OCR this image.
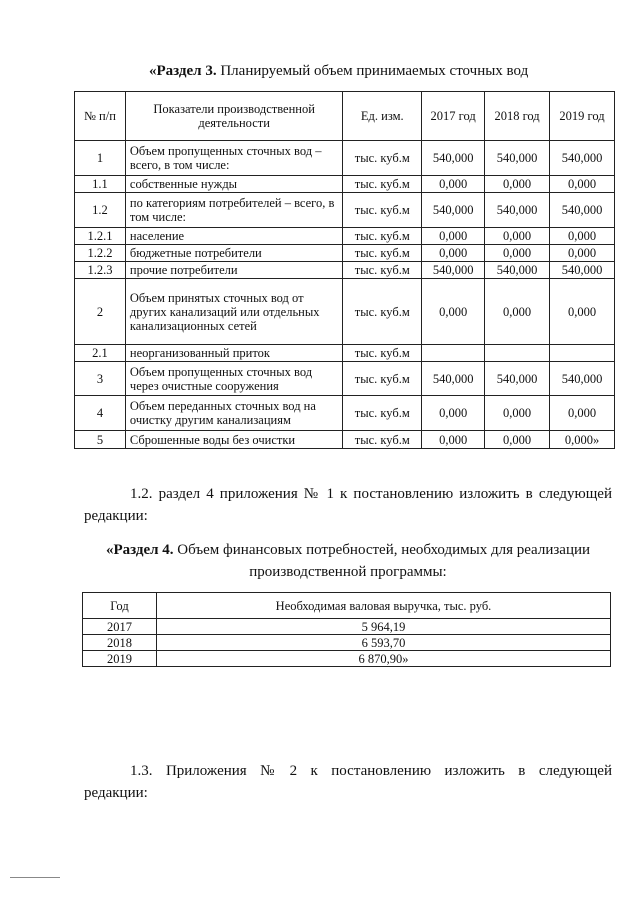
«Раздел 3. Планируемый объем принимаемых сточных вод
№ п/п	Показатели производственной деятельности	Ед. изм.	2017 год	2018 год	2019 год
1	Объем пропущенных сточных вод – всего, в том числе:	тыс. куб.м	540,000	540,000	540,000
1.1	собственные нужды	тыс. куб.м	0,000	0,000	0,000
1.2	по категориям потребителей – всего, в том числе:	тыс. куб.м	540,000	540,000	540,000
1.2.1	население	тыс. куб.м	0,000	0,000	0,000
1.2.2	бюджетные потребители	тыс. куб.м	0,000	0,000	0,000
1.2.3	прочие потребители	тыс. куб.м	540,000	540,000	540,000
2	Объем принятых сточных вод от других канализаций или отдельных канализационных сетей	тыс. куб.м	0,000	0,000	0,000
2.1	неорганизованный приток	тыс. куб.м			
3	Объем пропущенных сточных вод через очистные сооружения	тыс. куб.м	540,000	540,000	540,000
4	Объем переданных сточных вод на очистку другим канализациям	тыс. куб.м	0,000	0,000	0,000
5	Сброшенные воды без очистки	тыс. куб.м	0,000	0,000	0,000»
1.2. раздел 4 приложения № 1 к постановлению изложить в следующей редакции:
«Раздел 4. Объем финансовых потребностей, необходимых для реализации производственной программы:
Год	Необходимая валовая выручка, тыс. руб.
2017	5 964,19
2018	6 593,70
2019	6 870,90»
1.3. Приложения № 2 к постановлению изложить в следующей редакции:
